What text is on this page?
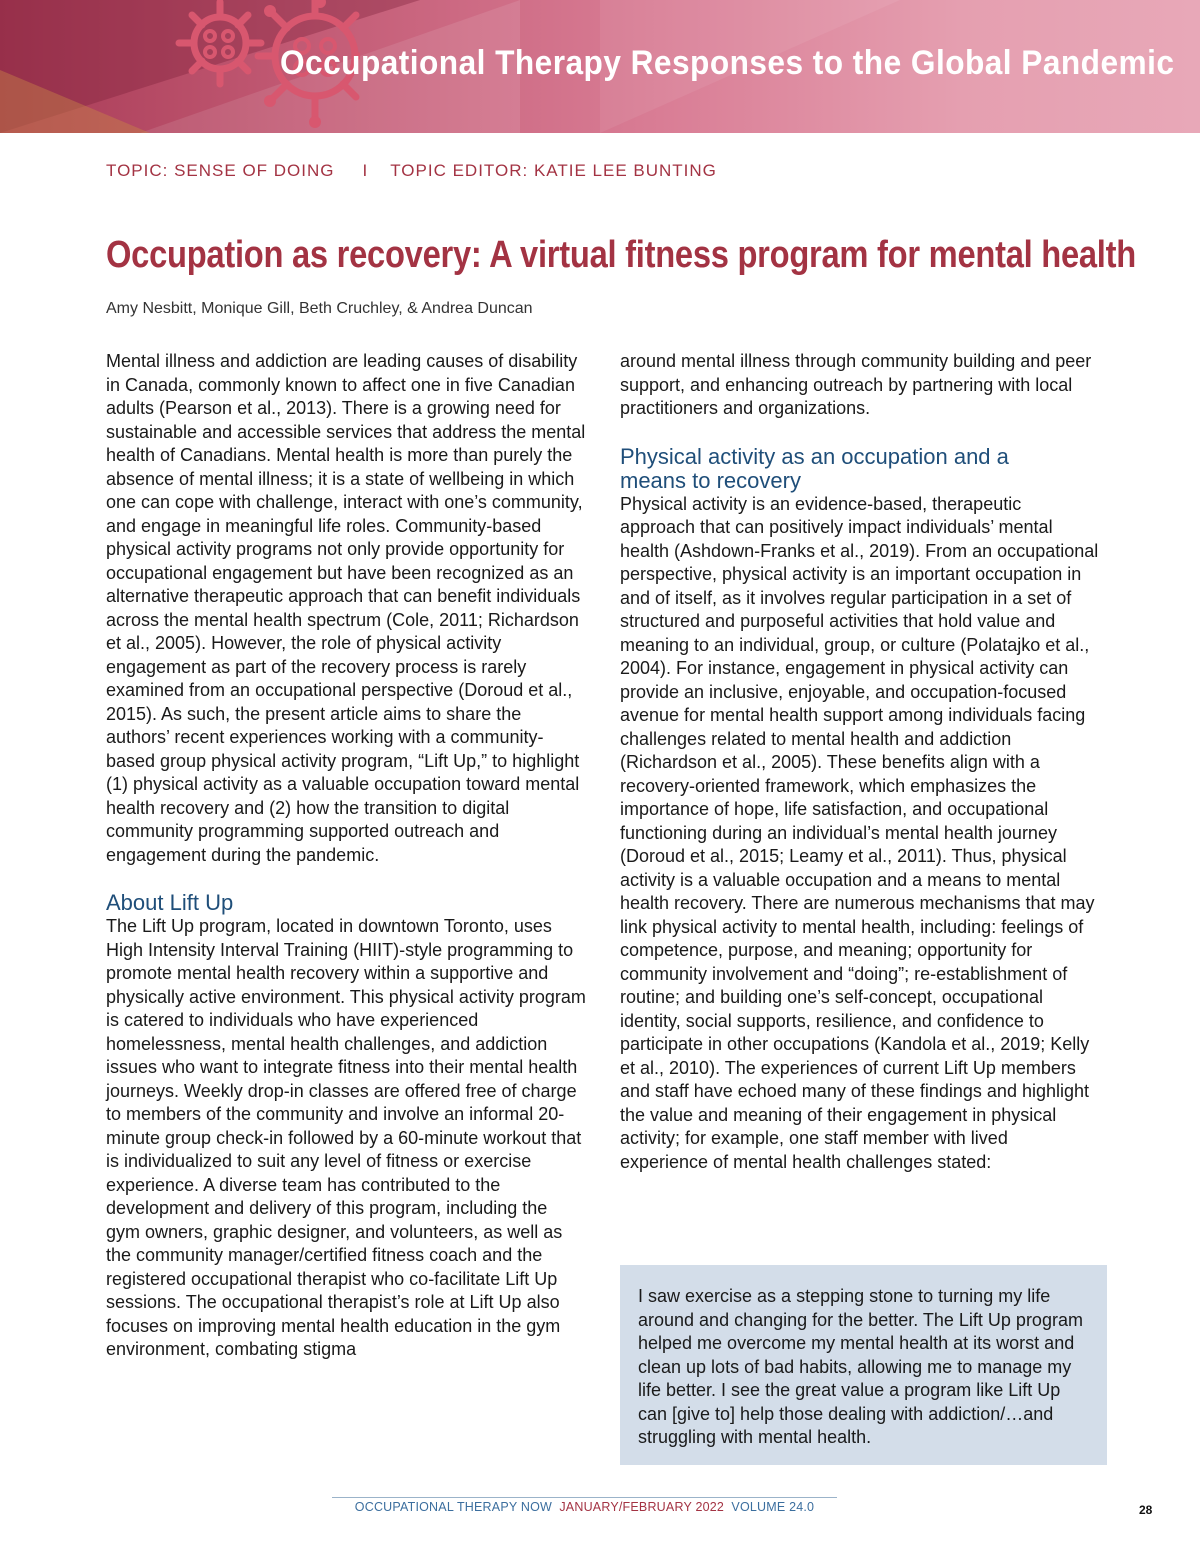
Occupational Therapy Responses to the Global Pandemic
TOPIC: SENSE OF DOING I TOPIC EDITOR: KATIE LEE BUNTING
Occupation as recovery: A virtual fitness program for mental health
Amy Nesbitt, Monique Gill, Beth Cruchley, & Andrea Duncan

Mental illness and addiction are leading causes of disability in Canada, commonly known to affect one in five Canadian adults (Pearson et al., 2013). There is a growing need for sustainable and accessible services that address the mental health of Canadians. Mental health is more than purely the absence of mental illness; it is a state of wellbeing in which one can cope with challenge, interact with one’s community, and engage in meaningful life roles. Community-based physical activity programs not only provide opportunity for occupational engagement but have been recognized as an alternative therapeutic approach that can benefit individuals across the mental health spectrum (Cole, 2011; Richardson et al., 2005). However, the role of physical activity engagement as part of the recovery process is rarely examined from an occupational perspective (Doroud et al., 2015). As such, the present article aims to share the authors’ recent experiences working with a community-based group physical activity program, “Lift Up,” to highlight (1) physical activity as a valuable occupation toward mental health recovery and (2) how the transition to digital community programming supported outreach and engagement during the pandemic.

About Lift Up

The Lift Up program, located in downtown Toronto, uses High Intensity Interval Training (HIIT)-style programming to promote mental health recovery within a supportive and physically active environment. This physical activity program is catered to individuals who have experienced homelessness, mental health challenges, and addiction issues who want to integrate fitness into their mental health journeys. Weekly drop-in classes are offered free of charge to members of the community and involve an informal 20-minute group check-in followed by a 60-minute workout that is individualized to suit any level of fitness or exercise experience. A diverse team has contributed to the development and delivery of this program, including the gym owners, graphic designer, and volunteers, as well as the community manager/certified fitness coach and the registered occupational therapist who co-facilitate Lift Up sessions. The occupational therapist’s role at Lift Up also focuses on improving mental health education in the gym environment, combating stigma

around mental illness through community building and peer support, and enhancing outreach by partnering with local practitioners and organizations.

Physical activity as an occupation and a means to recovery

Physical activity is an evidence-based, therapeutic approach that can positively impact individuals’ mental health (Ashdown-Franks et al., 2019). From an occupational perspective, physical activity is an important occupation in and of itself, as it involves regular participation in a set of structured and purposeful activities that hold value and meaning to an individual, group, or culture (Polatajko et al., 2004). For instance, engagement in physical activity can provide an inclusive, enjoyable, and occupation-focused avenue for mental health support among individuals facing challenges related to mental health and addiction (Richardson et al., 2005). These benefits align with a recovery-oriented framework, which emphasizes the importance of hope, life satisfaction, and occupational functioning during an individual’s mental health journey (Doroud et al., 2015; Leamy et al., 2011). Thus, physical activity is a valuable occupation and a means to mental health recovery. There are numerous mechanisms that may link physical activity to mental health, including: feelings of competence, purpose, and meaning; opportunity for community involvement and “doing”; re-establishment of routine; and building one’s self-concept, occupational identity, social supports, resilience, and confidence to participate in other occupations (Kandola et al., 2019; Kelly et al., 2010). The experiences of current Lift Up members and staff have echoed many of these findings and highlight the value and meaning of their engagement in physical activity; for example, one staff member with lived experience of mental health challenges stated:

I saw exercise as a stepping stone to turning my life around and changing for the better. The Lift Up program helped me overcome my mental health at its worst and clean up lots of bad habits, allowing me to manage my life better. I see the great value a program like Lift Up can [give to] help those dealing with addiction/…and struggling with mental health.

OCCUPATIONAL THERAPY NOW JANUARY/FEBRUARY 2022 VOLUME 24.0	28
